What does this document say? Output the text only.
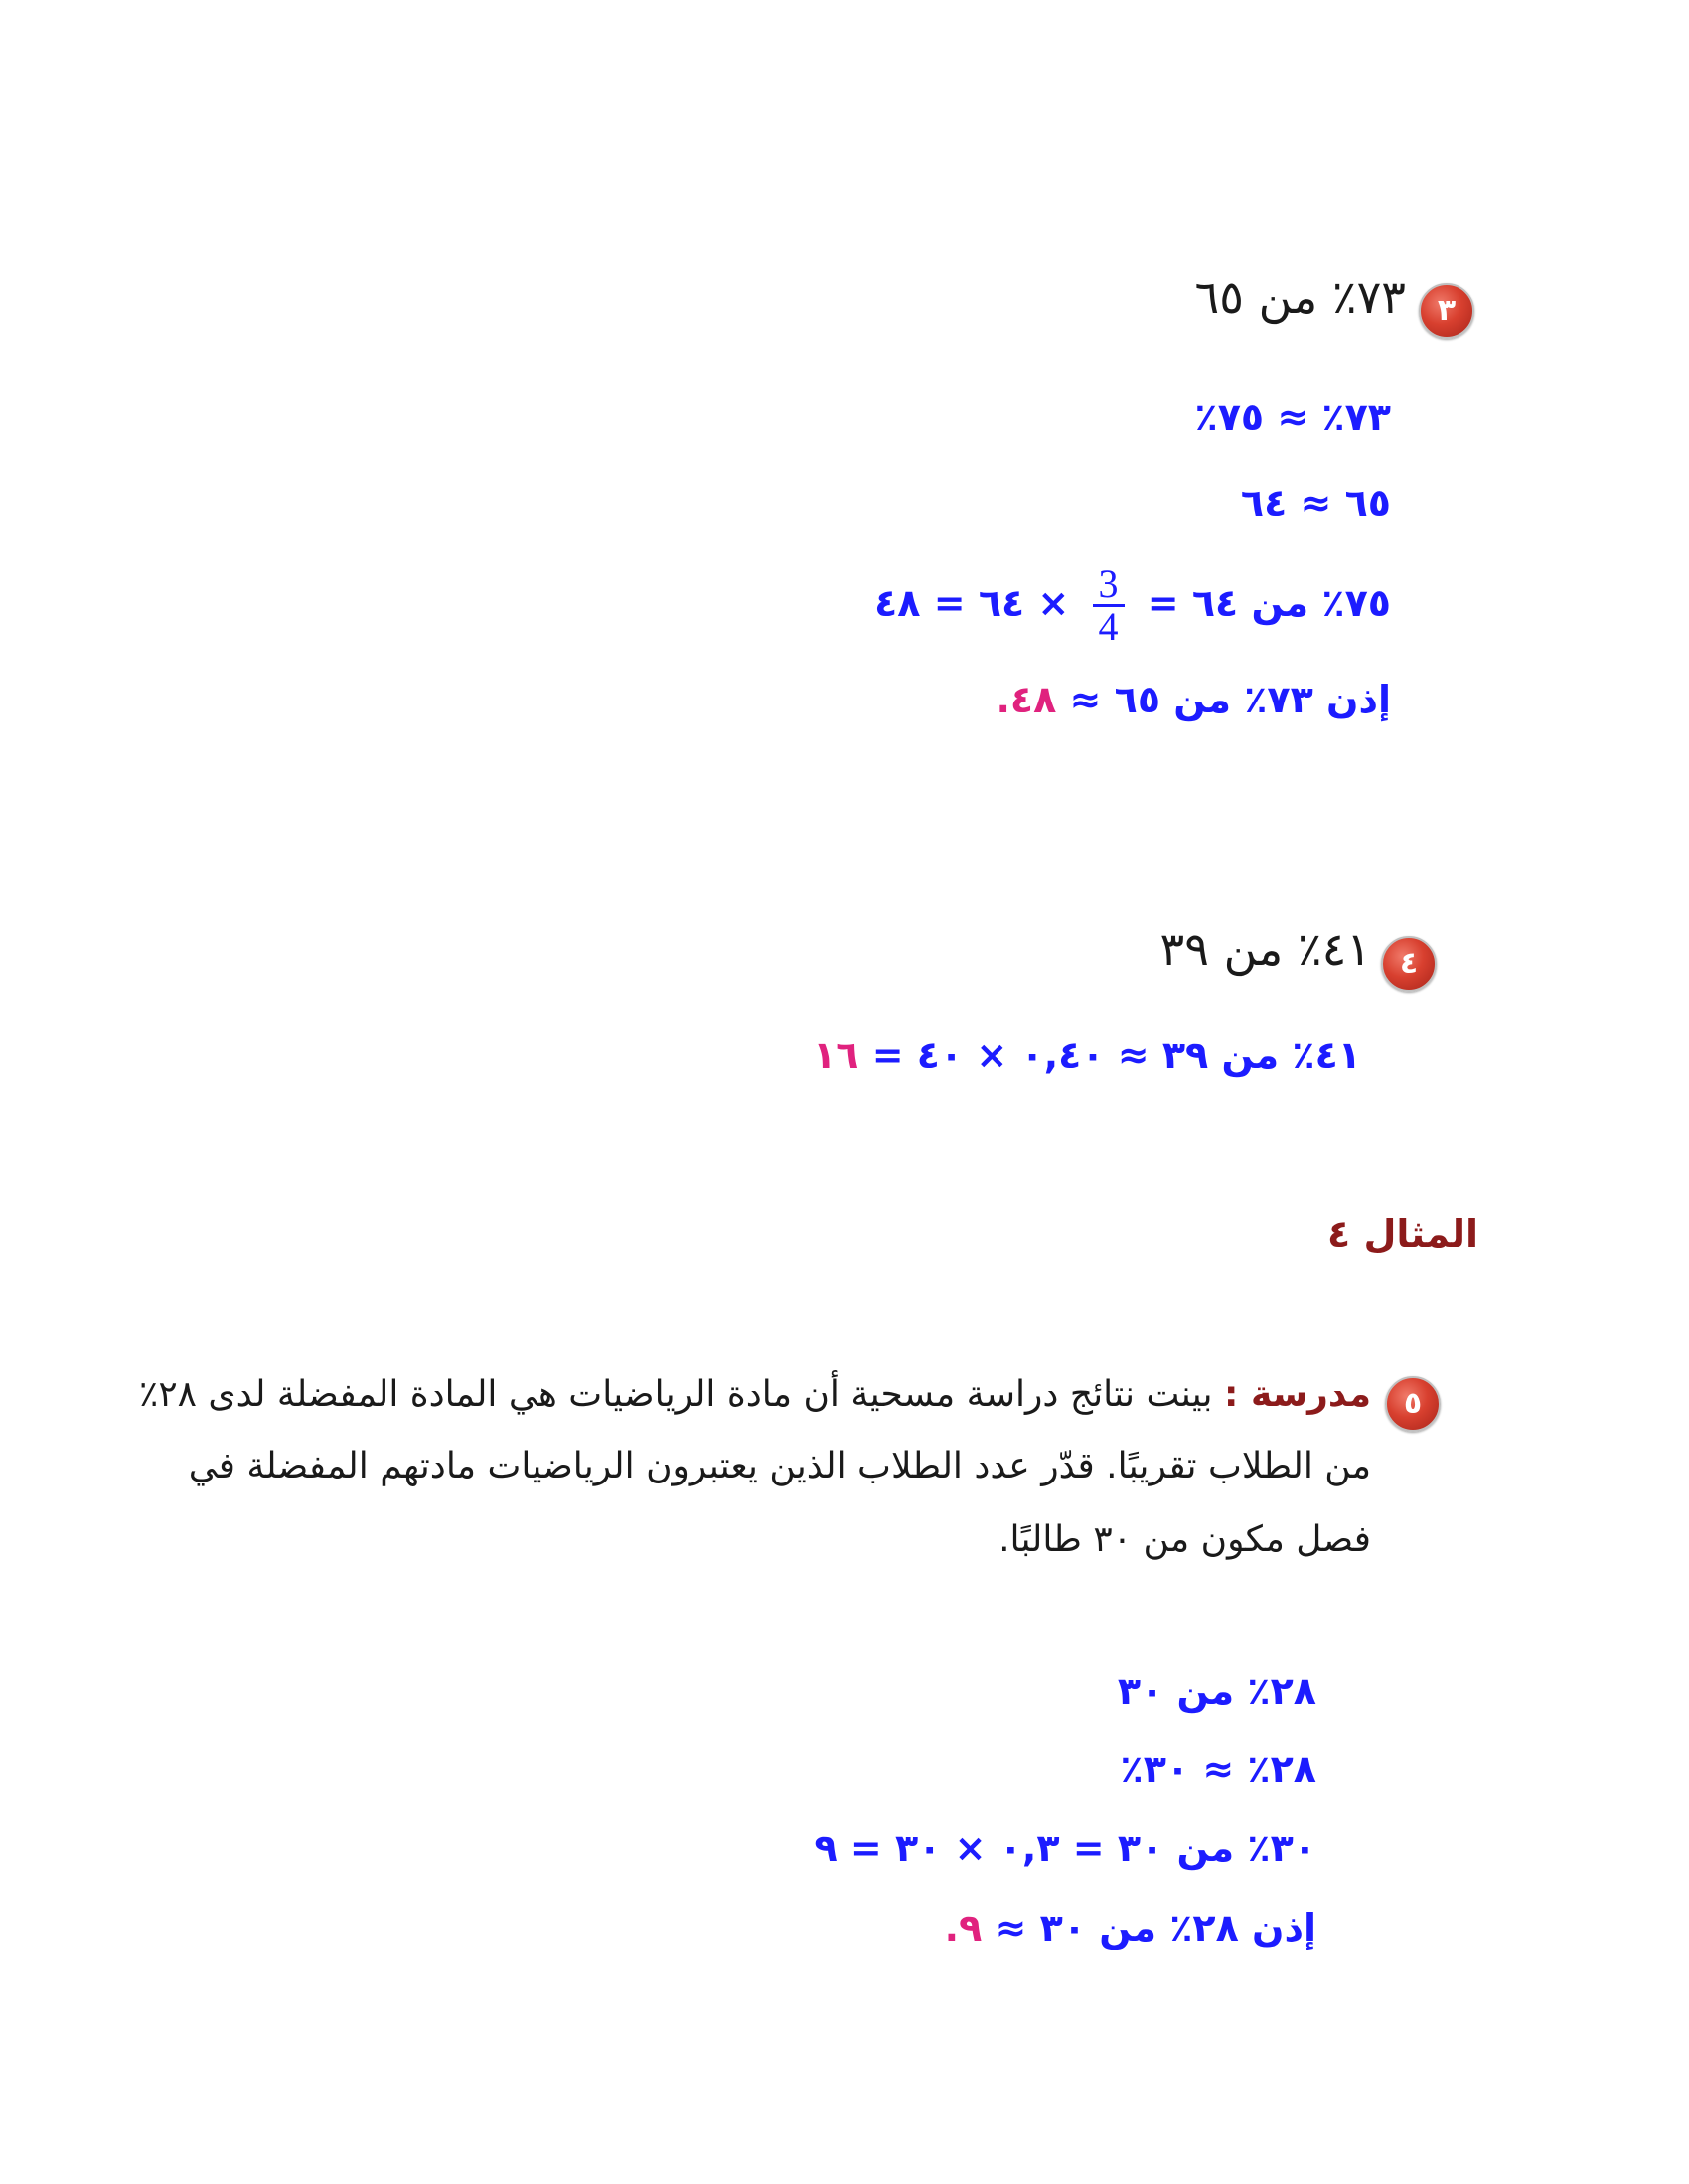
٣
٧٣٪ من ٦٥
٧٣٪ ≈ ٧٥٪
٦٥ ≈ ٦٤
٧٥٪ من ٦٤ =
$\frac{3}{4}$
× ٦٤ = ٤٨
إذن ٧٣٪ من ٦٥ ≈ ٤٨.
٤
٤١٪ من ٣٩
٤١٪ من ٣٩ ≈ ٠,٤٠ × ٤٠ = ١٦
المثال ٤
٥
مدرسة : بينت نتائج دراسة مسحية أن مادة الرياضيات هي المادة المفضلة لدى ٢٨٪
من الطلاب تقريبًا. قدّر عدد الطلاب الذين يعتبرون الرياضيات مادتهم المفضلة في
فصل مكون من ٣٠ طالبًا.
٢٨٪ من ٣٠
٢٨٪ ≈ ٣٠٪
٣٠٪ من ٣٠ = ٠,٣ × ٣٠ = ٩
إذن ٢٨٪ من ٣٠ ≈ ٩.
